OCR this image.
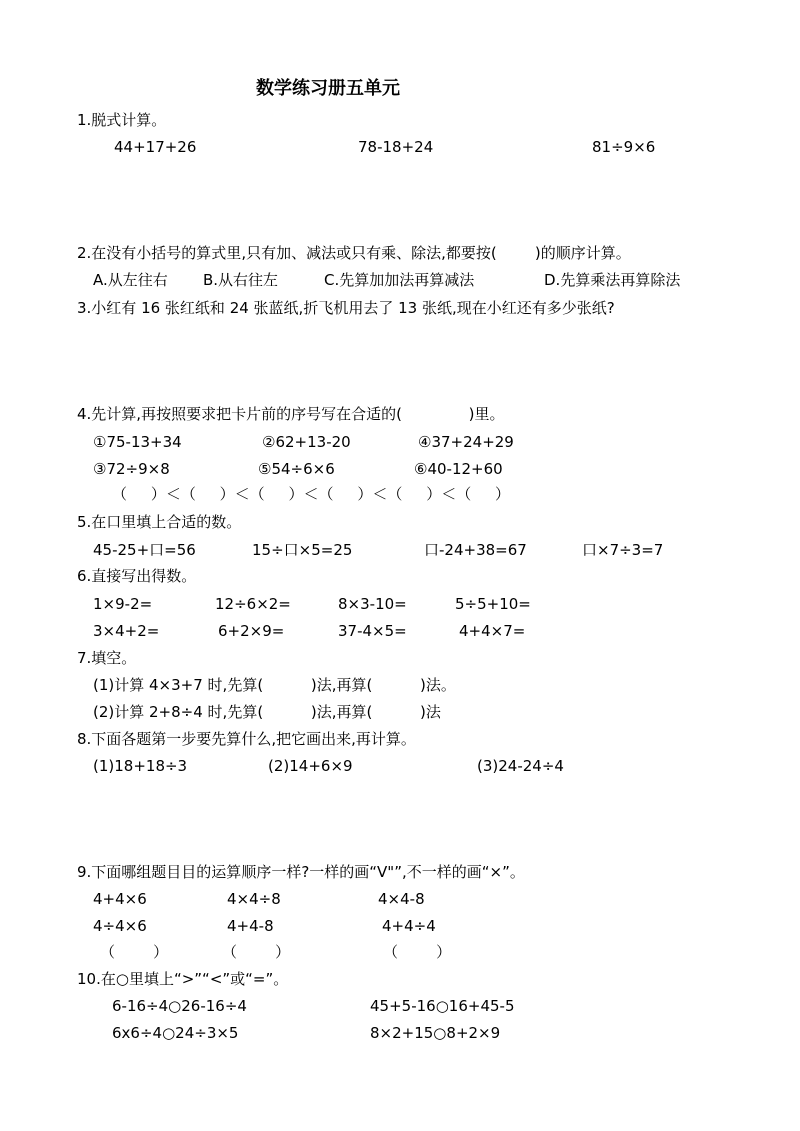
数学练习册五单元
1.脱式计算。
44+17+26	78-18+24	81÷9×6
2.在没有小括号的算式里,只有加、减法或只有乘、除法,都要按(        )的顺序计算。
A.从左往右 B.从右往左	C.先算加加法再算减法	D.先算乘法再算除法
3.小红有 16 张红纸和 24 张蓝纸,折飞机用去了 13 张纸,现在小红还有多少张纸?
4.先计算,再按照要求把卡片前的序号写在合适的(              )里。
①75-13+34	②62+13-20	④37+24+29
③72÷9×8	⑤54÷6×6	⑥40-12+60
（     ）＜（     ）＜（     ）＜（     ）＜（     ）＜（     ）
5.在口里填上合适的数。
45-25+口=56	15÷口×5=25	口-24+38=67	口×7÷3=7
6.直接写出得数。
1×9-2=	12÷6×2=	8×3-10=	5÷5+10=
3×4+2=	6+2×9=	37-4×5=	4+4×7=
7.填空。
(1)计算 4×3+7 时,先算(          )法,再算(          )法。
(2)计算 2+8÷4 时,先算(          )法,再算(          )法
8.下面各题第一步要先算什么,把它画出来,再计算。
(1)18+18÷3	(2)14+6×9	(3)24-24÷4
9.下面哪组题目目的运算顺序一样?一样的画“V"”,不一样的画“×”。
4+4×6	4×4÷8	4×4-8
4÷4×6	4+4-8	4+4÷4
（        ）	（        ）	（        ）
10.在○里填上“>”“<”或“=”。
6-16÷4○26-16÷4	45+5-16○16+45-5
6x6÷4○24÷3×5	8×2+15○8+2×9
